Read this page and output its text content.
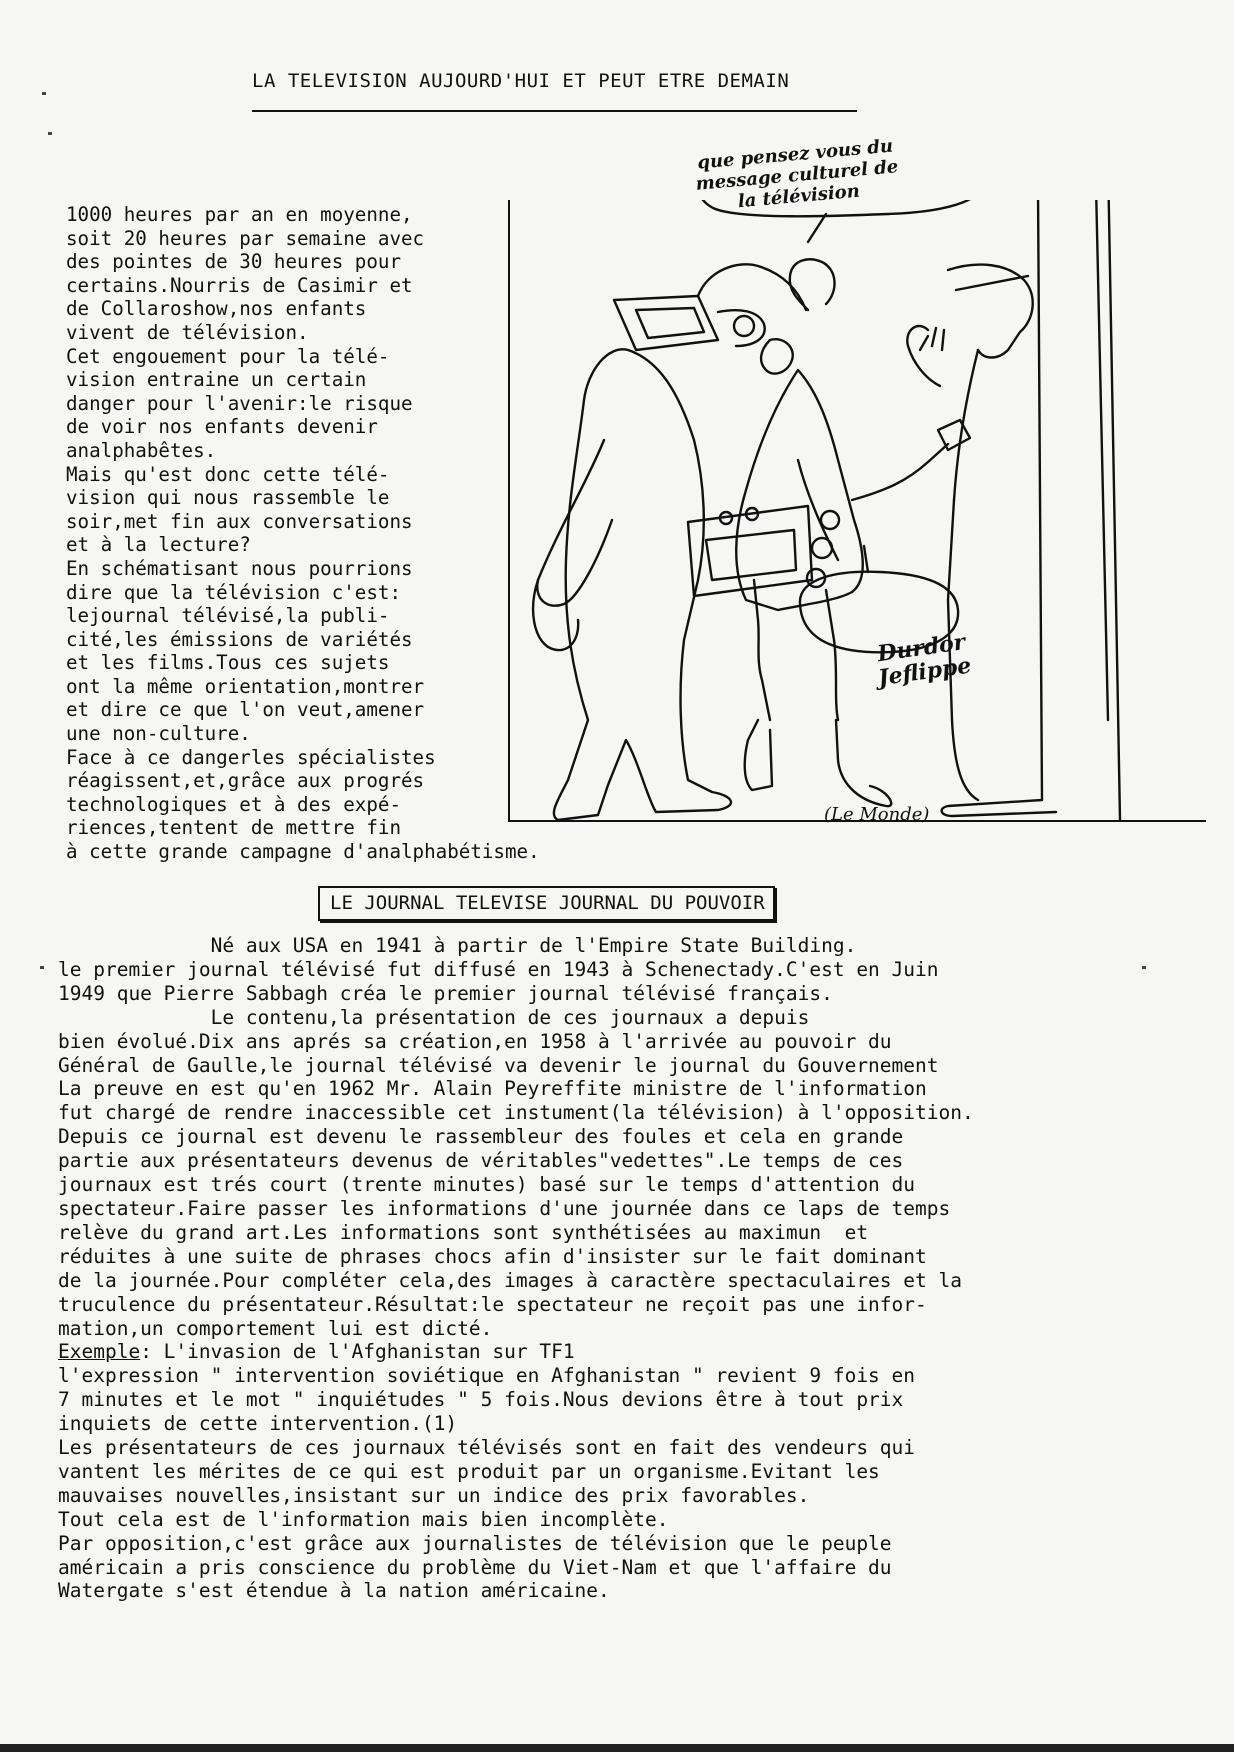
LA TELEVISION AUJOURD'HUI ET PEUT ETRE DEMAIN
1000 heures par an en moyenne,
soit 20 heures par semaine avec
des pointes de 30 heures pour
certains.Nourris de Casimir et
de Collaroshow,nos enfants
vivent de télévision.
Cet engouement pour la télé-
vision entraine un certain
danger pour l'avenir:le risque
de voir nos enfants devenir
analphabêtes.
Mais qu'est donc cette télé-
vision qui nous rassemble le
soir,met fin aux conversations
et à la lecture?
En schématisant nous pourrions
dire que la télévision c'est:
lejournal télévisé,la publi-
cité,les émissions de variétés
et les films.Tous ces sujets
ont la même orientation,montrer
et dire ce que l'on veut,amener
une non-culture.
Face à ce dangerles spécialistes
réagissent,et,grâce aux progrés
technologiques et à des expé-
riences,tentent de mettre fin
à cette grande campagne d'analphabétisme.
que pensez vous du message culturel de la télévision
Durdor Jeflippe
(Le Monde)
LE JOURNAL TELEVISE JOURNAL DU POUVOIR
Né aux USA en 1941 à partir de l'Empire State Building.
le premier journal télévisé fut diffusé en 1943 à Schenectady.C'est en Juin
1949 que Pierre Sabbagh créa le premier journal télévisé français.
Le contenu,la présentation de ces journaux a depuis
bien évolué.Dix ans aprés sa création,en 1958 à l'arrivée au pouvoir du
Général de Gaulle,le journal télévisé va devenir le journal du Gouvernement
La preuve en est qu'en 1962 Mr. Alain Peyreffite ministre de l'information
fut chargé de rendre inaccessible cet instument(la télévision) à l'opposition.
Depuis ce journal est devenu le rassembleur des foules et cela en grande
partie aux présentateurs devenus de véritables"vedettes".Le temps de ces
journaux est trés court (trente minutes) basé sur le temps d'attention du
spectateur.Faire passer les informations d'une journée dans ce laps de temps
relève du grand art.Les informations sont synthétisées au maximun  et
réduites à une suite de phrases chocs afin d'insister sur le fait dominant
de la journée.Pour compléter cela,des images à caractère spectaculaires et la
truculence du présentateur.Résultat:le spectateur ne reçoit pas une infor-
mation,un comportement lui est dicté.
Exemple: L'invasion de l'Afghanistan sur TF1
l'expression " intervention soviétique en Afghanistan " revient 9 fois en
7 minutes et le mot " inquiétudes " 5 fois.Nous devions être à tout prix
inquiets de cette intervention.(1)
Les présentateurs de ces journaux télévisés sont en fait des vendeurs qui
vantent les mérites de ce qui est produit par un organisme.Evitant les
mauvaises nouvelles,insistant sur un indice des prix favorables.
Tout cela est de l'information mais bien incomplète.
Par opposition,c'est grâce aux journalistes de télévision que le peuple
américain a pris conscience du problème du Viet-Nam et que l'affaire du
Watergate s'est étendue à la nation américaine.
